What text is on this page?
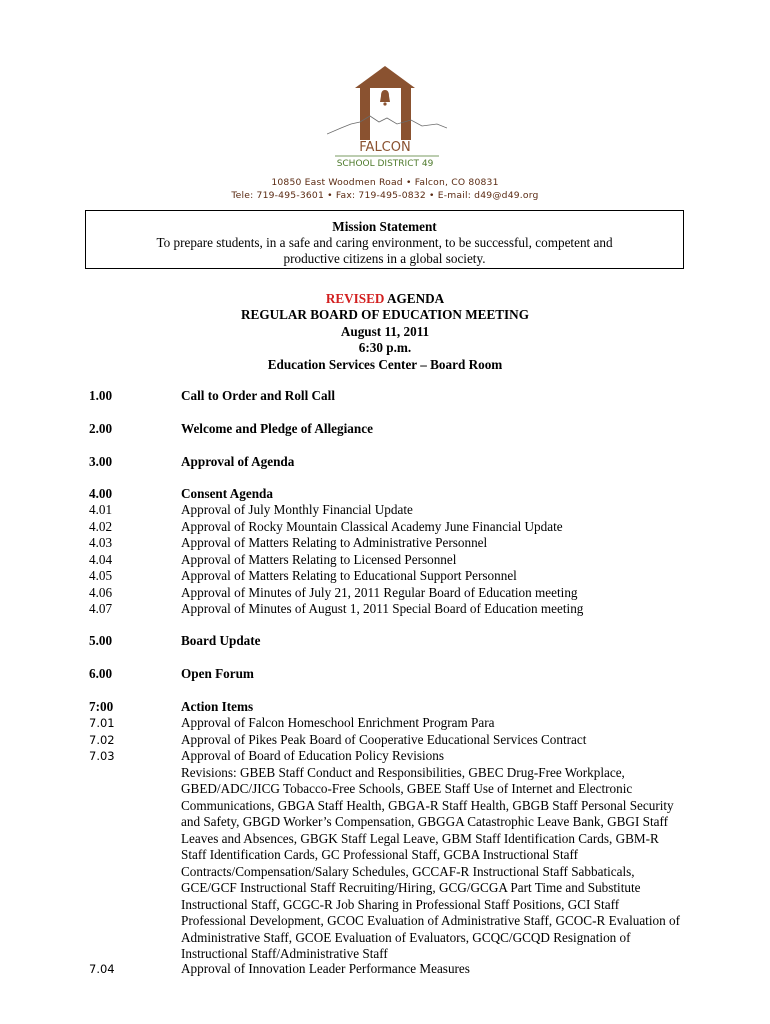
FALCON
SCHOOL DISTRICT 49
10850 East Woodmen Road • Falcon, CO 80831
Tele: 719-495-3601 • Fax: 719-495-0832 • E-mail: d49@d49.org
Mission Statement
To prepare students, in a safe and caring environment, to be successful, competent and productive citizens in a global society.
REVISED AGENDA
REGULAR BOARD OF EDUCATION MEETING
August 11, 2011
6:30 p.m.
Education Services Center – Board Room
1.00	Call to Order and Roll Call
2.00	Welcome and Pledge of Allegiance
3.00	Approval of Agenda
4.00	Consent Agenda
4.01	Approval of July Monthly Financial Update
4.02	Approval of Rocky Mountain Classical Academy June Financial Update
4.03	Approval of Matters Relating to Administrative Personnel
4.04	Approval of Matters Relating to Licensed Personnel
4.05	Approval of Matters Relating to Educational Support Personnel
4.06	Approval of Minutes of July 21, 2011 Regular Board of Education meeting
4.07	Approval of Minutes of August 1, 2011 Special Board of Education meeting
5.00	Board Update
6.00	Open Forum
7:00	Action Items
7.01	Approval of Falcon Homeschool Enrichment Program Para
7.02	Approval of Pikes Peak Board of Cooperative Educational Services Contract
7.03	Approval of Board of Education Policy Revisions
Revisions: GBEB Staff Conduct and Responsibilities, GBEC Drug-Free Workplace, GBED/ADC/JICG Tobacco-Free Schools, GBEE Staff Use of Internet and Electronic Communications, GBGA Staff Health, GBGA-R Staff Health, GBGB Staff Personal Security and Safety, GBGD Worker’s Compensation, GBGGA Catastrophic Leave Bank, GBGI Staff Leaves and Absences, GBGK Staff Legal Leave, GBM Staff Identification Cards, GBM-R Staff Identification Cards, GC Professional Staff, GCBA Instructional Staff Contracts/Compensation/Salary Schedules, GCCAF-R Instructional Staff Sabbaticals, GCE/GCF Instructional Staff Recruiting/Hiring, GCG/GCGA Part Time and Substitute Instructional Staff, GCGC-R Job Sharing in Professional Staff Positions, GCI Staff Professional Development, GCOC Evaluation of Administrative Staff, GCOC-R Evaluation of Administrative Staff, GCOE Evaluation of Evaluators, GCQC/GCQD Resignation of Instructional Staff/Administrative Staff
7.04	Approval of Innovation Leader Performance Measures
